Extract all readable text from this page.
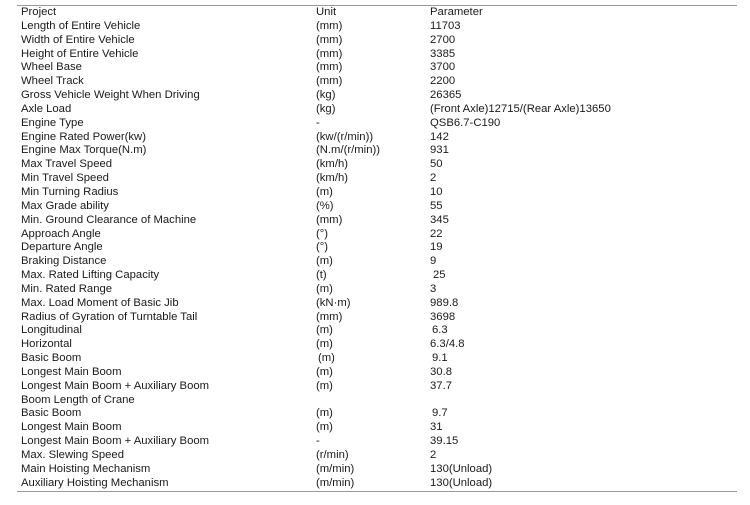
Project	Unit	Parameter
Length of Entire Vehicle	(mm)	11703
Width of Entire Vehicle	(mm)	2700
Height of Entire Vehicle	(mm)	3385
Wheel Base	(mm)	3700
Wheel Track	(mm)	2200
Gross Vehicle Weight When Driving	(kg)	26365
Axle Load	(kg)	(Front Axle)12715/(Rear Axle)13650
Engine Type	-	QSB6.7-C190
Engine Rated Power(kw)	(kw/(r/min))	142
Engine Max Torque(N.m)	(N.m/(r/min))	931
Max Travel Speed	(km/h)	50
Min Travel Speed	(km/h)	2
Min Turning Radius	(m)	10
Max Grade ability	(%)	55
Min. Ground Clearance of Machine	(mm)	345
Approach Angle	(°)	22
Departure Angle	(°)	19
Braking Distance	(m)	9
Max. Rated Lifting Capacity	(t)	25
Min. Rated Range	(m)	3
Max. Load Moment of Basic Jib	(kN·m)	989.8
Radius of Gyration of Turntable Tail	(mm)	3698
Longitudinal	(m)	6.3
Horizontal	(m)	6.3/4.8
Basic Boom	(m)	9.1
Longest Main Boom	(m)	30.8
Longest Main Boom + Auxiliary Boom	(m)	37.7
Boom Length of Crane		
Basic Boom	(m)	9.7
Longest Main Boom	(m)	31
Longest Main Boom + Auxiliary Boom	-	39.15
Max. Slewing Speed	(r/min)	2
Main Hoisting Mechanism	(m/min)	130(Unload)
Auxiliary Hoisting Mechanism	(m/min)	130(Unload)
